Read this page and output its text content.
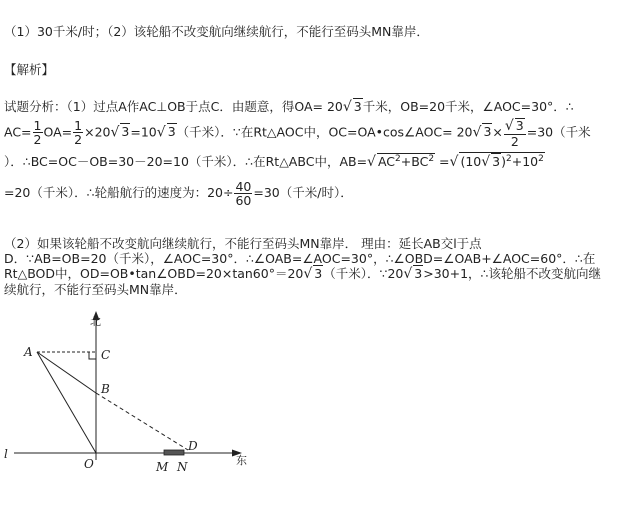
（1）30千米/时；（2）该轮船不改变航向继续航行，不能行至码头MN靠岸．
【解析】
试题分析：（1）过点A作AC⊥OB于点C．由题意，得OA= 20√ 3千米，OB=20千米，∠AOC=30°．∴
$AC= \frac{1}{2} OA= \frac{1}{2} \times 20√$ 3=10√ 3（千米）．∵在Rt△AOC中，OC=OA•cos∠AOC= 20√ $3\times \frac{√ 3}{2} =30$（千米
）．∴BC=OC－OB=30－20=10（千米）．∴在Rt△ABC中，AB=√ $AC^2+BC^2$ =√ (10√ $3)^2+10^2$
=20（千米）．∴轮船航行的速度为：$20\div \frac{40}{60} =30$（千米/时）．
（2）如果该轮船不改变航向继续航行，不能行至码头MN靠岸． 理由：延长AB交l于点
D．∵AB=OB=20（千米），∠AOC=30°．∴∠OAB=∠AOC=30°，∴∠OBD=∠OAB+∠AOC=60°．∴在
Rt△BOD中，OD=OB•tan∠OBD=20×tan60°＝20√ 3（千米）．∵20√ 3>30+1，∴该轮船不改变航向继
续航行，不能行至码头MN靠岸．
北
东
A	C
B
D
O	M N
l
